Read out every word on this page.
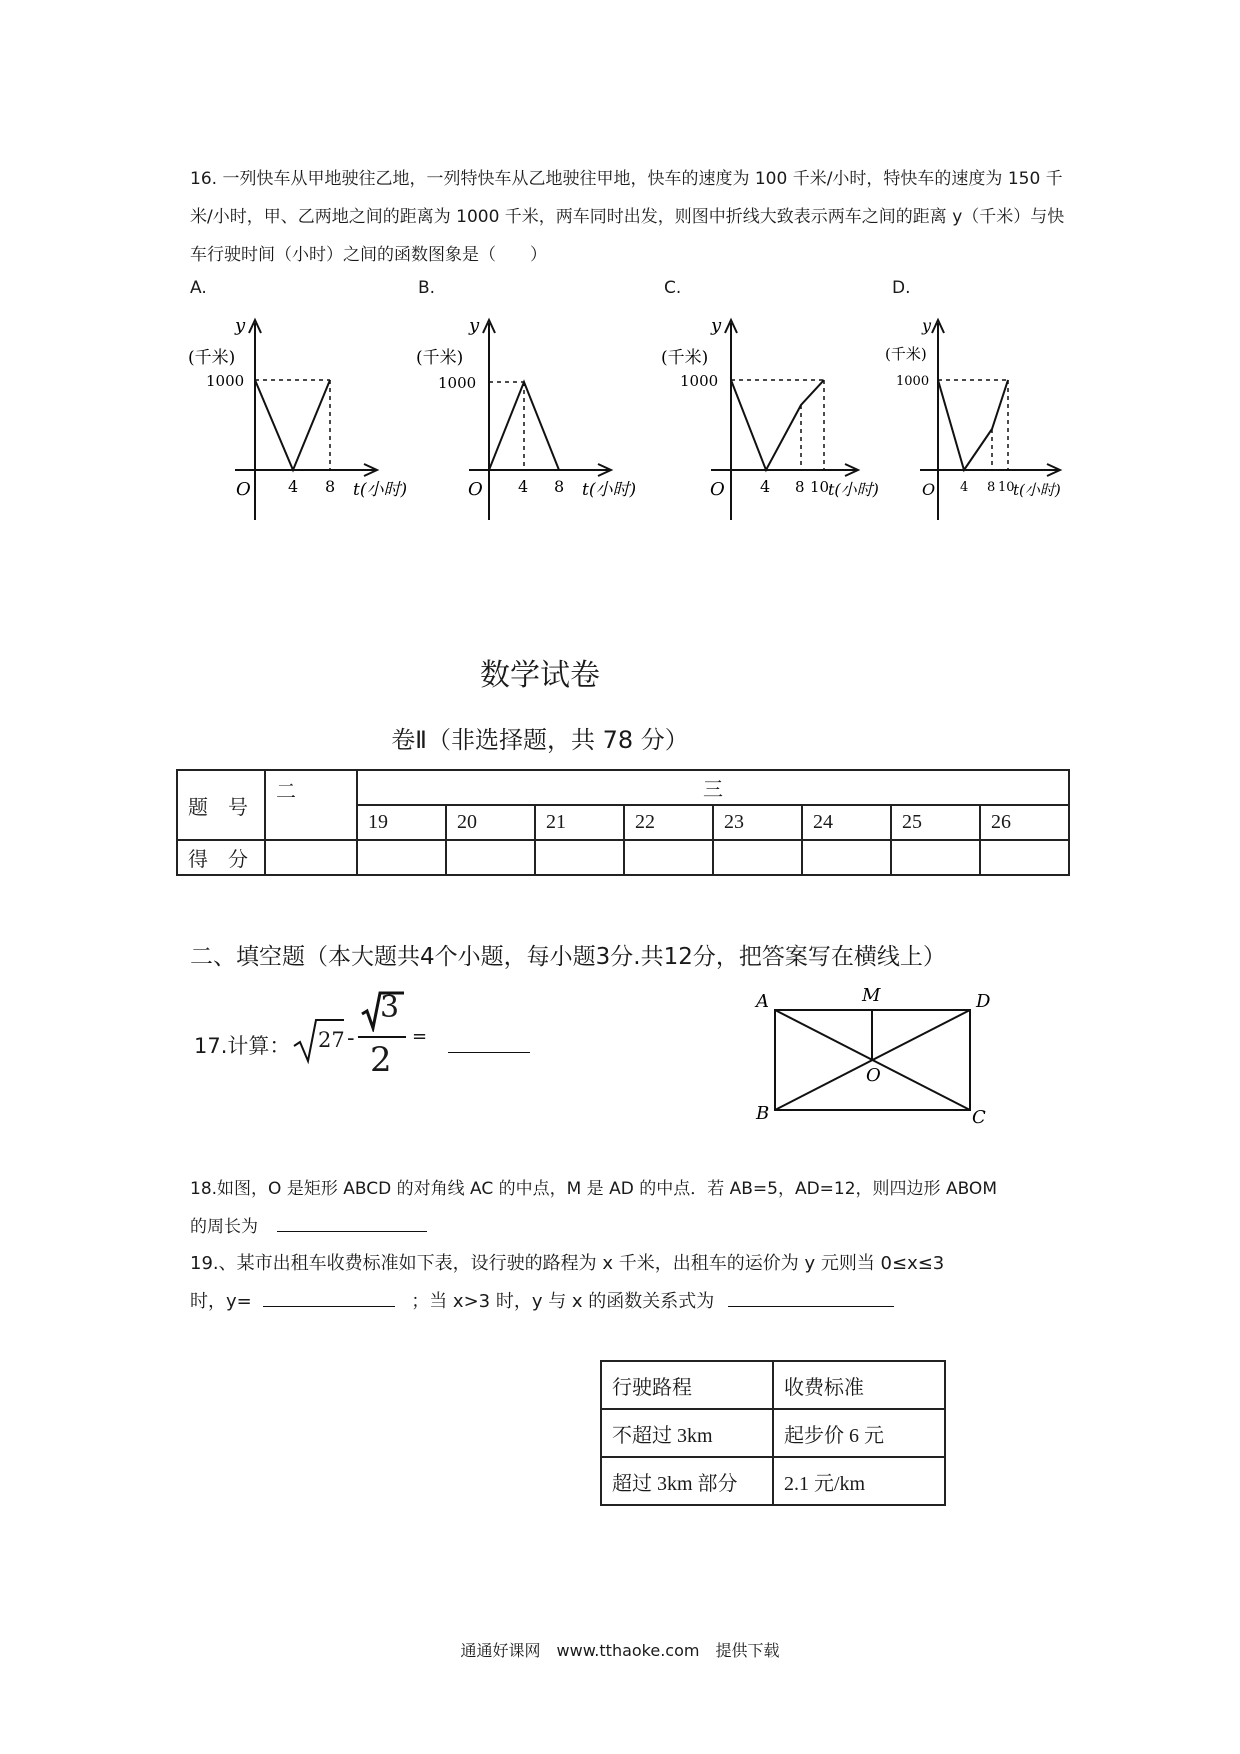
16. 一列快车从甲地驶往乙地，一列特快车从乙地驶往甲地，快车的速度为 100 千米/小时，特快车的速度为 150 千米/小时，甲、乙两地之间的距离为 1000 千米，两车同时出发，则图中折线大致表示两车之间的距离 y（千米）与快车行驶时间（小时）之间的函数图象是（　　）
A.	B.	C.	D.
y
(千米)
1000
O 4 8 t(小时)
y
(千米)
1000
O 4 8 t(小时)
y
(千米)
1000
O 4 8 10
t(小时)
y
(千米)
1000
O 4 8 10
t(小时)
数学试卷
卷Ⅱ（非选择题，共 78 分）
题　号	二	三							
		19	20	21	22	23	24	25	26
得　分									
二、填空题（本大题共4个小题，每小题3分.共12分，把答案写在横线上）
17.计算： 27 -
3
2
=
A	M	D
O
B	C
18.如图，O 是矩形 ABCD 的对角线 AC 的中点，M 是 AD 的中点．若 AB=5，AD=12，则四边形 ABOM
的周长为
19.、某市出租车收费标准如下表，设行驶的路程为 x 千米，出租车的运价为 y 元则当 0≤x≤3
时，y=	；当 x>3 时，y 与 x 的函数关系式为
行驶路程	收费标准
不超过 3km	起步价 6 元
超过 3km 部分	2.1 元/km
通通好课网　www.tthaoke.com　提供下载
